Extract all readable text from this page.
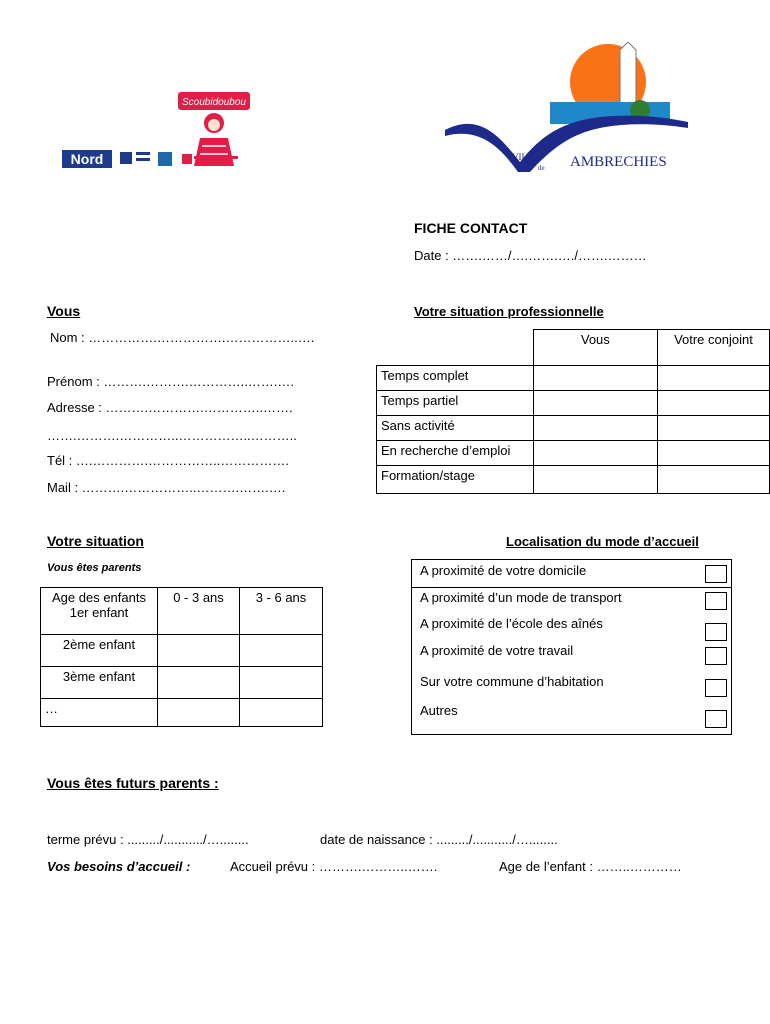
Scoubidoubou
Nord	VILLE
de AMBRECHIES
FICHE CONTACT
Date : …….……/….…….…./…….………
Vous
Nom : …………….…………….……………..….
Prénom : ……….……….…………..…….….
Adresse : ……….………….…………..…….
…….……….…………..……………..………..
Tél : ….………….……………..…………….
Mail : ……….……………..……….…….….
Votre situation professionnelle
	Vous	Votre conjoint
Temps complet		
Temps partiel		
Sans activité		
En recherche d’emploi		
Formation/stage		
Votre situation
Vous êtes parents
Age des enfants
1er enfant	0 - 3 ans	3 - 6 ans
2ème enfant		
3ème enfant		
…		
Localisation du mode d’accueil
A proximité de votre domicile
A proximité d’un mode de transport
A proximité de l’école des aînés
A proximité de votre travail
Sur votre commune d’habitation
Autres
Vous êtes futurs parents :
terme prévu : ........./.........../…........	date de naissance : ........./.........../…........
Vos besoins d’accueil :	Accueil prévu : ……….………..…….	Age de l’enfant : ……..…………
